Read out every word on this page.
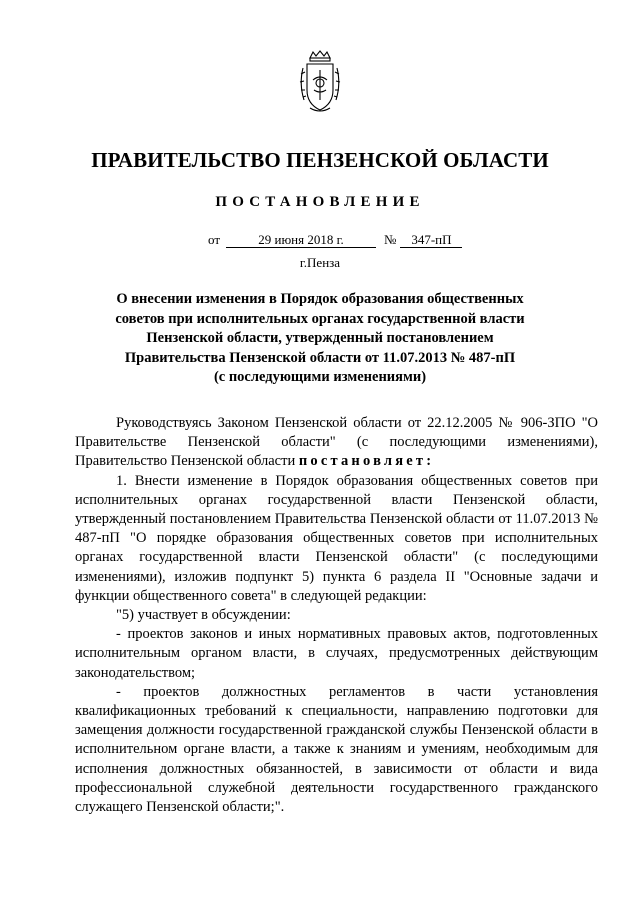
ПРАВИТЕЛЬСТВО ПЕНЗЕНСКОЙ ОБЛАСТИ
ПОСТАНОВЛЕНИЕ
от	29 июня 2018 г.	№ 347-пП
г.Пенза
О внесении изменения в Порядок образования общественных
советов при исполнительных органах государственной власти
Пензенской области, утвержденный постановлением
Правительства Пензенской области от 11.07.2013 № 487-пП
(с последующими изменениями)

Руководствуясь Законом Пензенской области от 22.12.2005 № 906-ЗПО "О Правительстве Пензенской области" (с последующими изменениями), Правительство Пензенской области постановляет:

1. Внести изменение в Порядок образования общественных советов при исполнительных органах государственной власти Пензенской области, утвержденный постановлением Правительства Пензенской области от 11.07.2013 № 487-пП "О порядке образования общественных советов при исполнительных органах государственной власти Пензенской области" (с последующими изменениями), изложив подпункт 5) пункта 6 раздела II "Основные задачи и функции общественного совета" в следующей редакции:

"5) участвует в обсуждении:

- проектов законов и иных нормативных правовых актов, подготовленных исполнительным органом власти, в случаях, предусмотренных действующим законодательством;

- проектов должностных регламентов в части установления квалификационных требований к специальности, направлению подготовки для замещения должности государственной гражданской службы Пензенской области в исполнительном органе власти, а также к знаниям и умениям, необходимым для исполнения должностных обязанностей, в зависимости от области и вида профессиональной служебной деятельности государственного гражданского служащего Пензенской области;".
